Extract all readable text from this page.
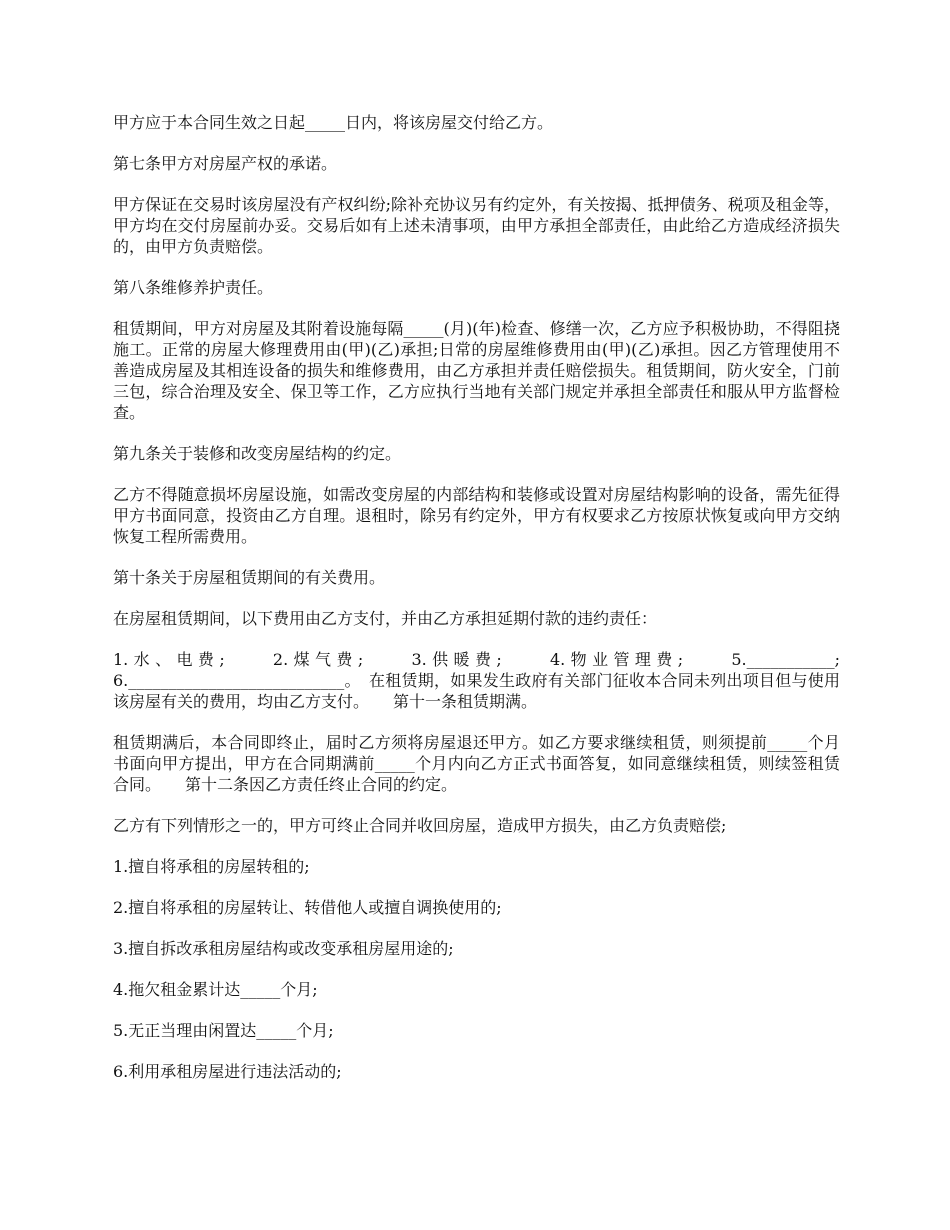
甲方应于本合同生效之日起_____日内，将该房屋交付给乙方。

第七条甲方对房屋产权的承诺。

甲方保证在交易时该房屋没有产权纠纷;除补充协议另有约定外，有关按揭、抵押债务、税项及租金等，甲方均在交付房屋前办妥。交易后如有上述未清事项，由甲方承担全部责任，由此给乙方造成经济损失的，由甲方负责赔偿。

第八条维修养护责任。

租赁期间，甲方对房屋及其附着设施每隔_____(月)(年)检查、修缮一次，乙方应予积极协助，不得阻挠施工。正常的房屋大修理费用由(甲)(乙)承担;日常的房屋维修费用由(甲)(乙)承担。因乙方管理使用不善造成房屋及其相连设备的损失和维修费用，由乙方承担并责任赔偿损失。租赁期间，防火安全，门前三包，综合治理及安全、保卫等工作，乙方应执行当地有关部门规定并承担全部责任和服从甲方监督检查。

第九条关于装修和改变房屋结构的约定。

乙方不得随意损坏房屋设施，如需改变房屋的内部结构和装修或设置对房屋结构影响的设备，需先征得甲方书面同意，投资由乙方自理。退租时，除另有约定外，甲方有权要求乙方按原状恢复或向甲方交纳恢复工程所需费用。

第十条关于房屋租赁期间的有关费用。

在房屋租赁期间，以下费用由乙方支付，并由乙方承担延期付款的违约责任：

1.水、电费;　　2.煤气费;　　3.供暖费;　　4.物业管理费;　　5.___________; 6.___________________________。　在租赁期，如果发生政府有关部门征收本合同未列出项目但与使用该房屋有关的费用，均由乙方支付。　　第十一条租赁期满。

租赁期满后，本合同即终止，届时乙方须将房屋退还甲方。如乙方要求继续租赁，则须提前_____个月书面向甲方提出，甲方在合同期满前_____个月内向乙方正式书面答复，如同意继续租赁，则续签租赁合同。　　第十二条因乙方责任终止合同的约定。

乙方有下列情形之一的，甲方可终止合同并收回房屋，造成甲方损失，由乙方负责赔偿;

1.擅自将承租的房屋转租的;

2.擅自将承租的房屋转让、转借他人或擅自调换使用的;

3.擅自拆改承租房屋结构或改变承租房屋用途的;

4.拖欠租金累计达_____个月;

5.无正当理由闲置达_____个月;

6.利用承租房屋进行违法活动的;
